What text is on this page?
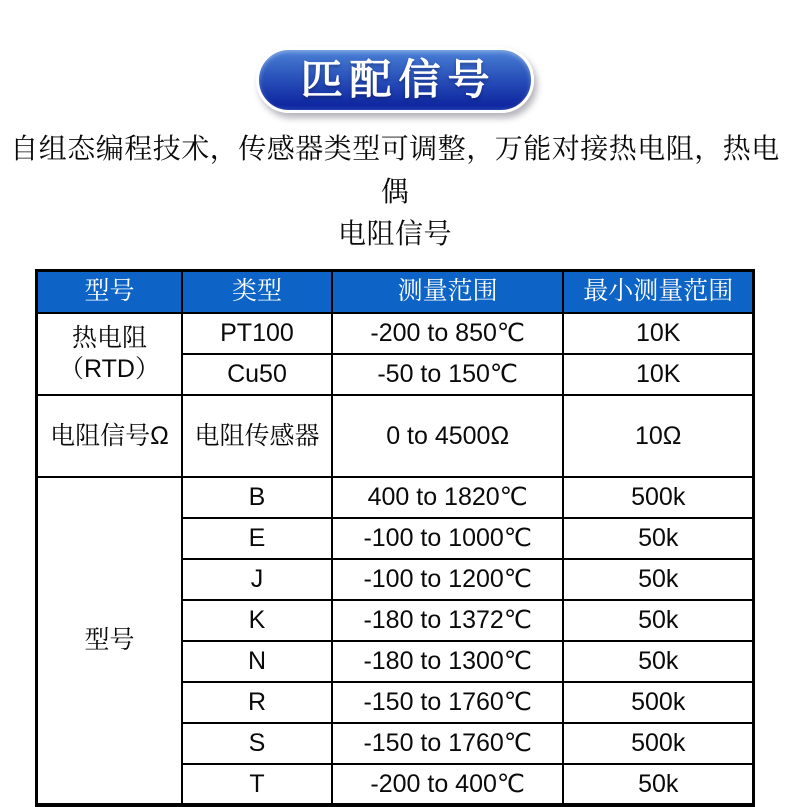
匹配信号
自组态编程技术，传感器类型可调整，万能对接热电阻，热电偶
电阻信号
型号	类型	测量范围	最小测量范围
热电阻（RTD）	PT100	-200 to 850℃	10K
	Cu50	-50 to 150℃	10K
电阻信号Ω	电阻传感器	0 to 4500Ω	10Ω
型号	B	400 to 1820℃	500k
	E	-100 to 1000℃	50k
	J	-100 to 1200℃	50k
	K	-180 to 1372℃	50k
	N	-180 to 1300℃	50k
	R	-150 to 1760℃	500k
	S	-150 to 1760℃	500k
	T	-200 to 400℃	50k
